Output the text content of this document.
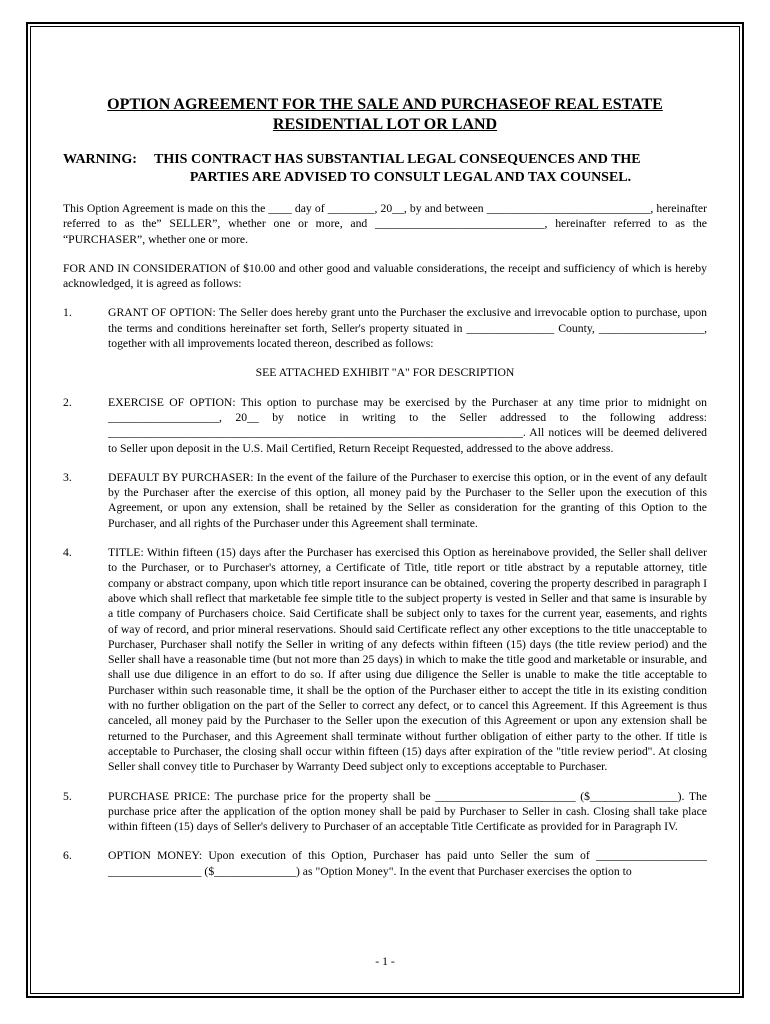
OPTION AGREEMENT FOR THE SALE AND PURCHASEOF REAL ESTATE
RESIDENTIAL LOT OR LAND
WARNING:	THIS CONTRACT HAS SUBSTANTIAL LEGAL CONSEQUENCES AND THE
PARTIES ARE ADVISED TO CONSULT LEGAL AND TAX COUNSEL.

This Option Agreement is made on this the ____ day of ________, 20__, by and between ____________________________, hereinafter referred to as the” SELLER”, whether one or more, and _____________________________, hereinafter referred to as the “PURCHASER”, whether one or more.

FOR AND IN CONSIDERATION of $10.00 and other good and valuable considerations, the receipt and sufficiency of which is hereby acknowledged, it is agreed as follows:

1.	GRANT OF OPTION: The Seller does hereby grant unto the Purchaser the exclusive and irrevocable option to purchase, upon the terms and conditions hereinafter set forth, Seller's property situated in _______________ County, __________________, together with all improvements located thereon, described as follows:
SEE ATTACHED EXHIBIT "A" FOR DESCRIPTION
2.	EXERCISE OF OPTION: This option to purchase may be exercised by the Purchaser at any time prior to midnight on ___________________, 20__ by notice in writing to the Seller addressed to the following address: _______________________________________________________________________. All notices will be deemed delivered to Seller upon deposit in the U.S. Mail Certified, Return Receipt Requested, addressed to the above address.
3.	DEFAULT BY PURCHASER: In the event of the failure of the Purchaser to exercise this option, or in the event of any default by the Purchaser after the exercise of this option, all money paid by the Purchaser to the Seller upon the execution of this Agreement, or upon any extension, shall be retained by the Seller as consideration for the granting of this Option to the Purchaser, and all rights of the Purchaser under this Agreement shall terminate.
4.	TITLE: Within fifteen (15) days after the Purchaser has exercised this Option as hereinabove provided, the Seller shall deliver to the Purchaser, or to Purchaser's attorney, a Certificate of Title, title report or title abstract by a reputable attorney, title company or abstract company, upon which title report insurance can be obtained, covering the property described in paragraph I above which shall reflect that marketable fee simple title to the subject property is vested in Seller and that same is insurable by a title company of Purchasers choice. Said Certificate shall be subject only to taxes for the current year, easements, and rights of way of record, and prior mineral reservations. Should said Certificate reflect any other exceptions to the title unacceptable to Purchaser, Purchaser shall notify the Seller in writing of any defects within fifteen (15) days (the title review period) and the Seller shall have a reasonable time (but not more than 25 days) in which to make the title good and marketable or insurable, and shall use due diligence in an effort to do so. If after using due diligence the Seller is unable to make the title acceptable to Purchaser within such reasonable time, it shall be the option of the Purchaser either to accept the title in its existing condition with no further obligation on the part of the Seller to correct any defect, or to cancel this Agreement. If this Agreement is thus canceled, all money paid by the Purchaser to the Seller upon the execution of this Agreement or upon any extension shall be returned to the Purchaser, and this Agreement shall terminate without further obligation of either party to the other. If title is acceptable to Purchaser, the closing shall occur within fifteen (15) days after expiration of the "title review period". At closing Seller shall convey title to Purchaser by Warranty Deed subject only to exceptions acceptable to Purchaser.
5.	PURCHASE PRICE: The purchase price for the property shall be ________________________ ($_______________). The purchase price after the application of the option money shall be paid by Purchaser to Seller in cash. Closing shall take place within fifteen (15) days of Seller's delivery to Purchaser of an acceptable Title Certificate as provided for in Paragraph IV.
6.	OPTION MONEY: Upon execution of this Option, Purchaser has paid unto Seller the sum of ___________________ ________________ ($______________) as "Option Money". In the event that Purchaser exercises the option to
- 1 -
